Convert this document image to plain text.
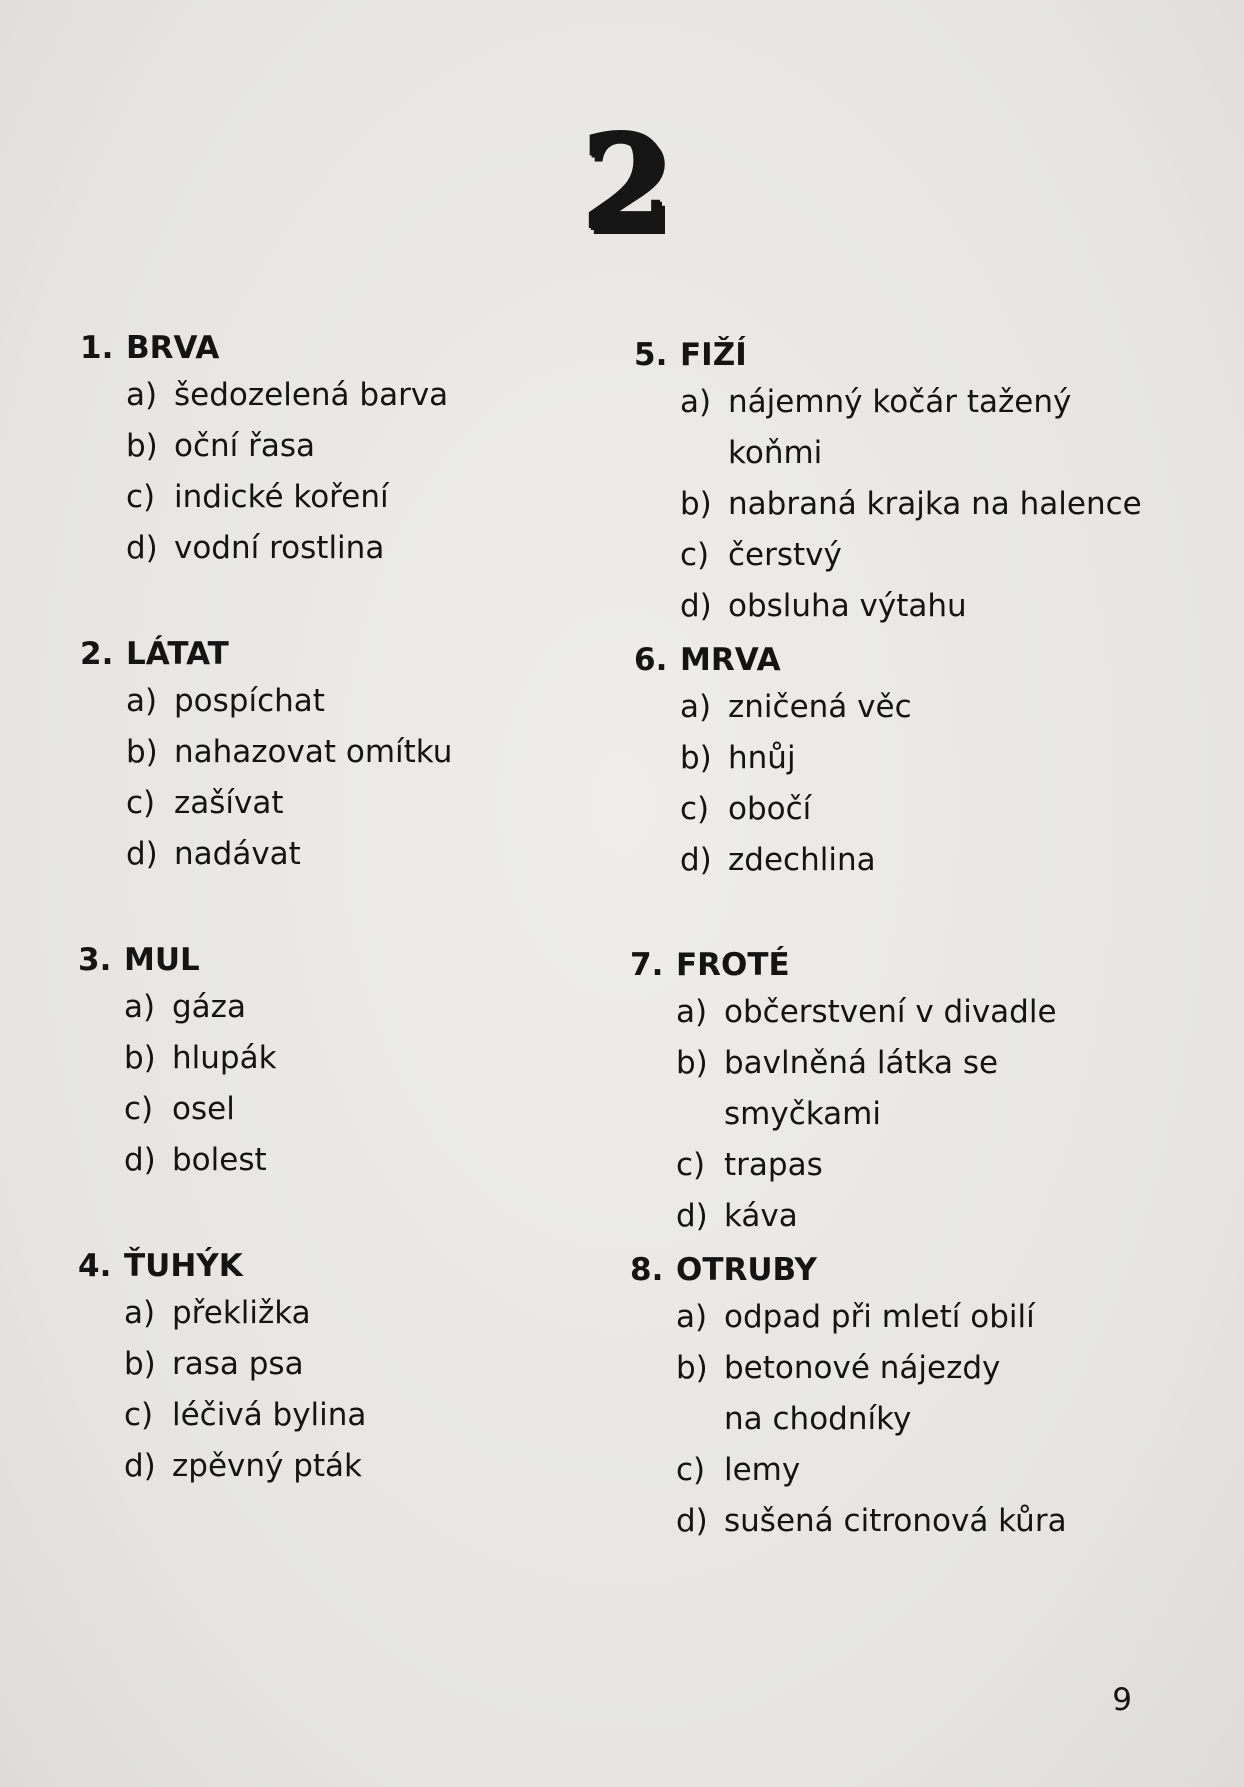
2
1. BRVA
a) šedozelená barva
b) oční řasa
c) indické koření
d) vodní rostlina
2. LÁTAT
a) pospíchat
b) nahazovat omítku
c) zašívat
d) nadávat
3. MUL
a) gáza
b) hlupák
c) osel
d) bolest
4. ŤUHÝK
a) překližka
b) rasa psa
c) léčivá bylina
d) zpěvný pták
5. FIŽÍ
a) nájemný kočár tažený koňmi
b) nabraná krajka na halence
c) čerstvý
d) obsluha výtahu
6. MRVA
a) zničená věc
b) hnůj
c) obočí
d) zdechlina
7. FROTÉ
a) občerstvení v divadle
b) bavlněná látka se smyčkami
c) trapas
d) káva
8. OTRUBY
a) odpad při mletí obilí
b) betonové nájezdy na chodníky
c) lemy
d) sušená citronová kůra
9
